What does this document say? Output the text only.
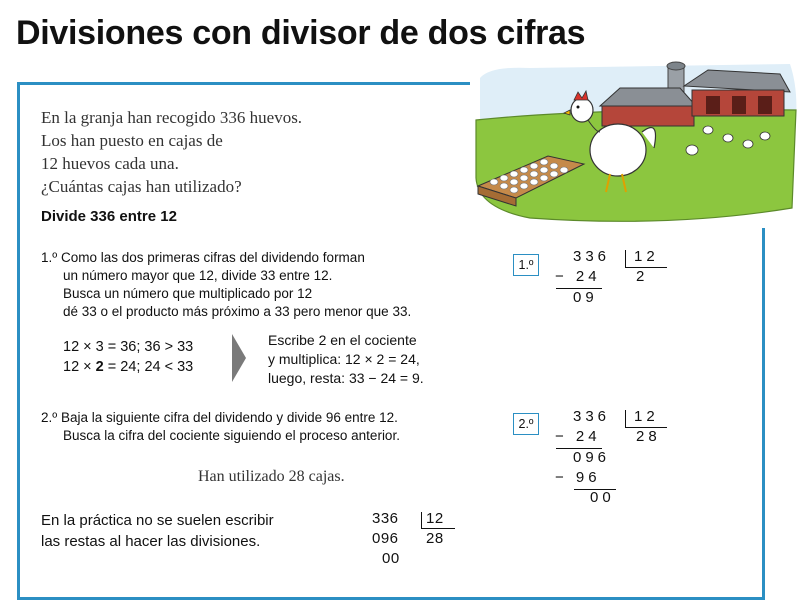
Divisiones con divisor de dos cifras
En la granja han recogido 336 huevos.
Los han puesto en cajas de
12 huevos cada una.
¿Cuántas cajas han utilizado?
Divide 336 entre 12
1.º Como las dos primeras cifras del dividendo forman
un número mayor que 12, divide 33 entre 12.
Busca un número que multiplicado por 12
dé 33 o el producto más próximo a 33 pero menor que 33.
12 × 3 = 36; 36 > 33
12 × 2 = 24; 24 < 33
Escribe 2 en el cociente
y multiplica: 12 × 2 = 24,
luego, resta: 33 − 24 = 9.
1.º	336 12
− 24 2
09
2.º Baja la siguiente cifra del dividendo y divide 96 entre 12.
Busca la cifra del cociente siguiendo el proceso anterior.
2.º	336 12
− 24 28
096
− 96
00
Han utilizado 28 cajas.
En la práctica no se suelen escribir
las restas al hacer las divisiones.
336 12
096 28
00
